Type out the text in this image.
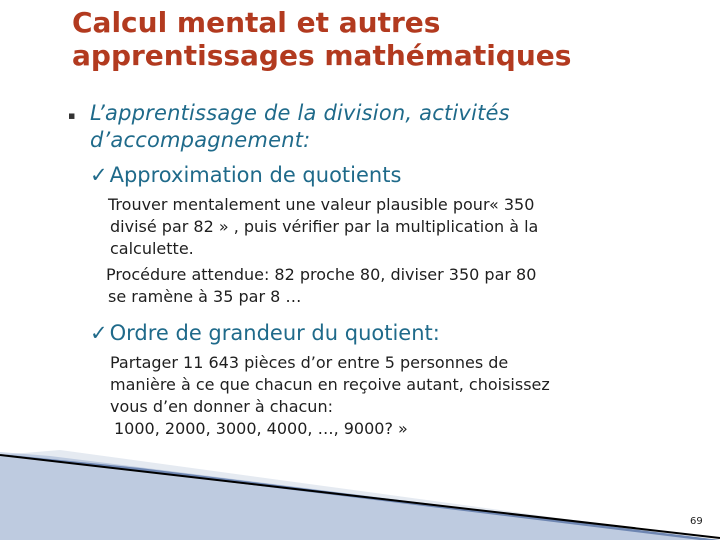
Calcul mental et autres
apprentissages mathématiques
▪ L’apprentissage de la division, activités
d’accompagnement:
✓Approximation de quotients
Trouver mentalement une valeur plausible pour« 350
divisé par 82 » , puis vérifier par la multiplication à la
calculette.
Procédure attendue: 82 proche 80, diviser 350 par 80
se ramène à 35 par 8 …
✓Ordre de grandeur du quotient:
Partager 11 643 pièces d’or entre 5 personnes de
manière à ce que chacun en reçoive autant, choisissez
vous d’en donner à chacun:
1000, 2000, 3000, 4000, …, 9000? »
69
